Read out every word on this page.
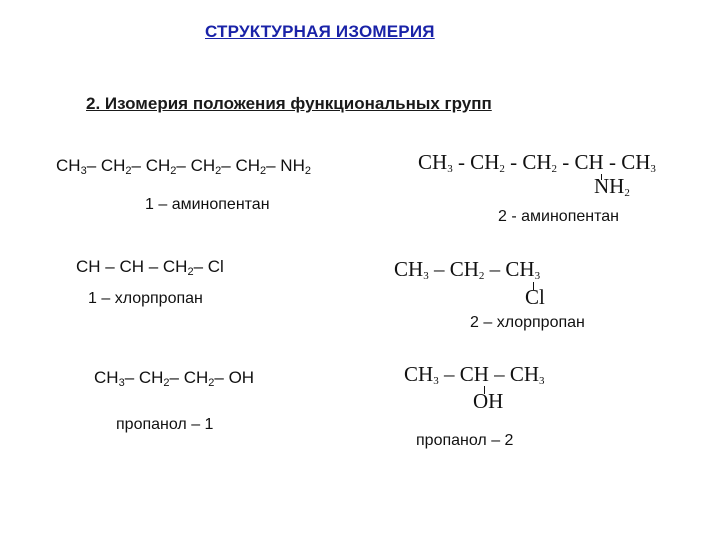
СТРУКТУРНАЯ ИЗОМЕРИЯ
2. Изомерия положения функциональных групп
$CH_3-$ $CH_2-$ $CH_2-$ $CH_2-$ $CH_2-$ $NH_2$
1 – аминопентан
$CH_3 - CH_2 - CH_2$ - CH - $CH_3$
$NH_2$
2 - аминопентан
CH – CH – $CH_2-$ Cl
1 – хлорпропан
$CH_3 - CH_2 - CH_3$
Cl
2 – хлорпропан
$CH_3-$ $CH_2-$ $CH_2-$ OH
пропанол – 1
$CH_3$ – CH – $CH_3$
OH
пропанол – 2
